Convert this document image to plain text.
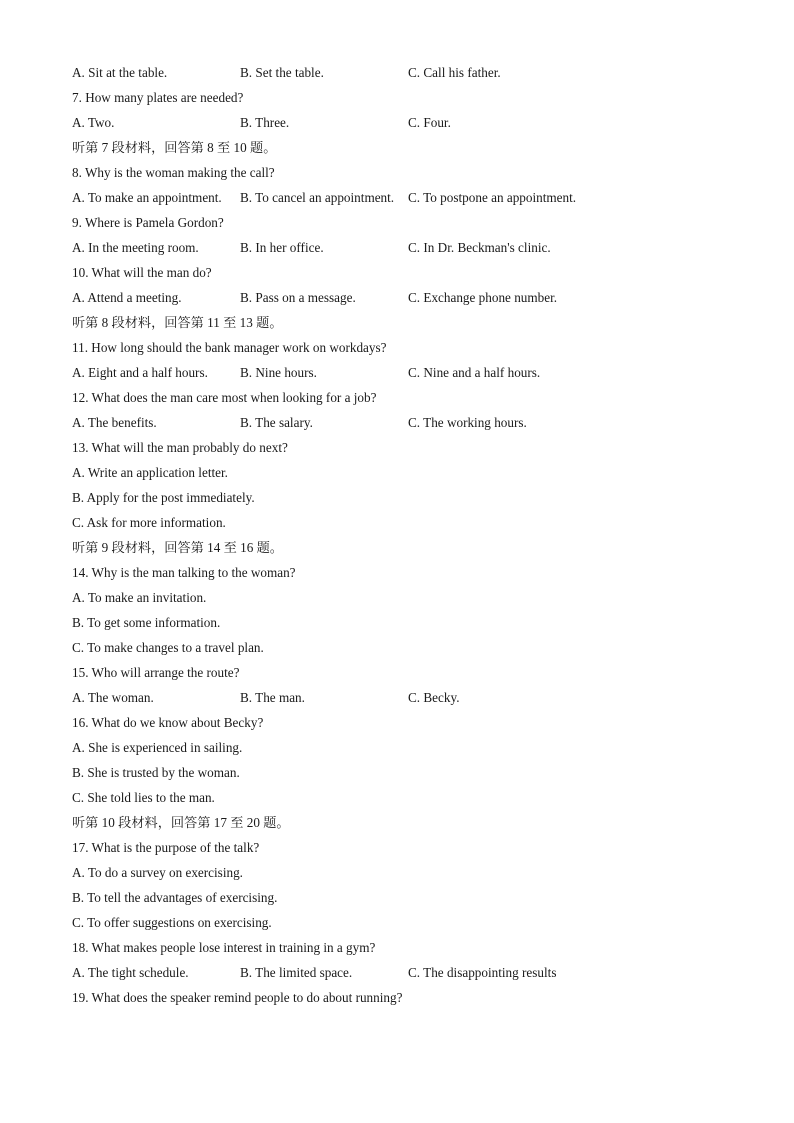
A. Sit at the table.	B. Set the table.	C. Call his father.
7. How many plates are needed?
A. Two.	B. Three.	C. Four.
听第 7 段材料，回答第 8 至 10 题。
8. Why is the woman making the call?
A. To make an appointment. B. To cancel an appointment. C. To postpone an appointment.
9. Where is Pamela Gordon?
A. In the meeting room.	B. In her office.	C. In Dr. Beckman's clinic.
10. What will the man do?
A. Attend a meeting.	B. Pass on a message.	C. Exchange phone number.
听第 8 段材料，回答第 11 至 13 题。
11. How long should the bank manager work on workdays?
A. Eight and a half hours. B. Nine hours.	C. Nine and a half hours.
12. What does the man care most when looking for a job?
A. The benefits.	B. The salary.	C. The working hours.
13. What will the man probably do next?
A. Write an application letter.
B. Apply for the post immediately.
C. Ask for more information.
听第 9 段材料，回答第 14 至 16 题。
14. Why is the man talking to the woman?
A. To make an invitation.
B. To get some information.
C. To make changes to a travel plan.
15. Who will arrange the route?
A. The woman.	B. The man.	C. Becky.
16. What do we know about Becky?
A. She is experienced in sailing.
B. She is trusted by the woman.
C. She told lies to the man.
听第 10 段材料，回答第 17 至 20 题。
17. What is the purpose of the talk?
A. To do a survey on exercising.
B. To tell the advantages of exercising.
C. To offer suggestions on exercising.
18. What makes people lose interest in training in a gym?
A. The tight schedule.	B. The limited space.	C. The disappointing results
19. What does the speaker remind people to do about running?
